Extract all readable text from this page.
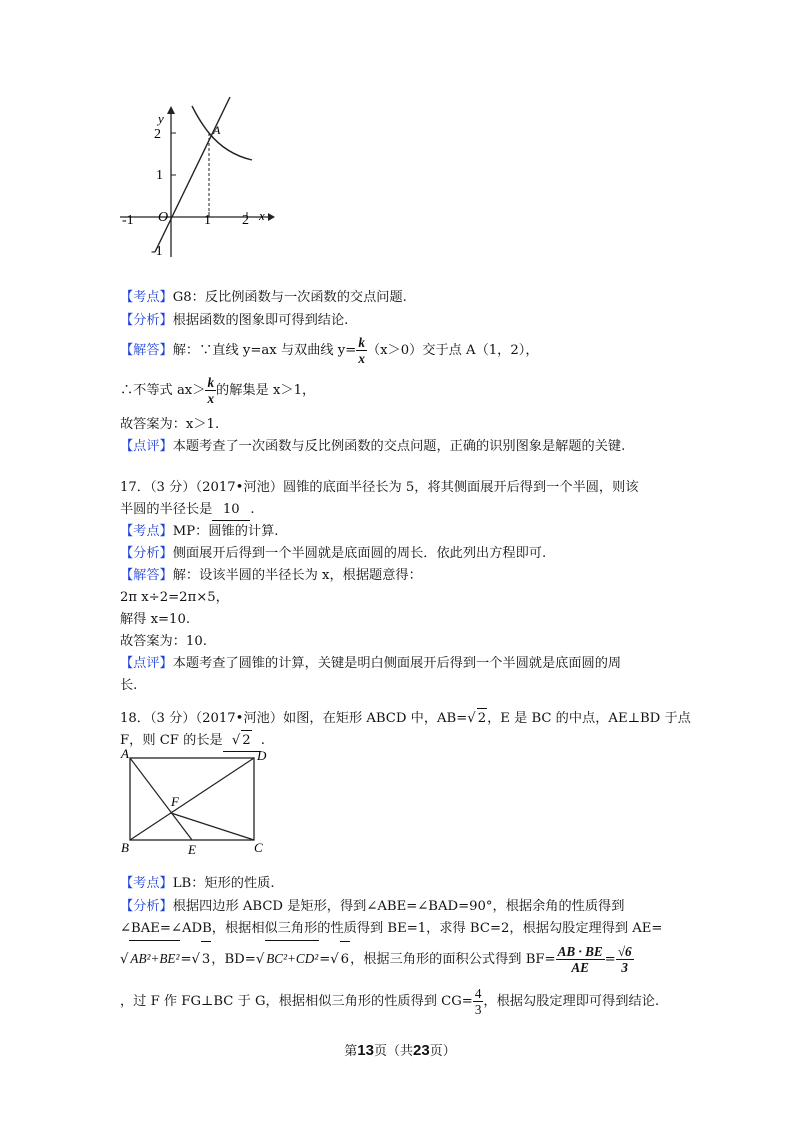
y
x
O
A
2
1
-1
-1	1 2
【考点】G8：反比例函数与一次函数的交点问题.
【分析】根据函数的图象即可得到结论.
【解答】解：∵直线 y=ax 与双曲线 $y= \frac{k}{x} (x>0)$交于点 A（1，2），
∴不等式 $ax> \frac{k}{x}$ 的解集是 x＞1，
故答案为：x＞1.
【点评】本题考查了一次函数与反比例函数的交点问题，正确的识别图象是解题的关键.
17．（3 分）（2017•河池）圆锥的底面半径长为 5，将其侧面展开后得到一个半圆，则该
半圆的半径长是 10 .
【考点】MP：圆锥的计算.
【分析】侧面展开后得到一个半圆就是底面圆的周长．依此列出方程即可.
【解答】解：设该半圆的半径长为 x，根据题意得：
2π x÷2=2π×5，
解得 x=10.
故答案为：10.
【点评】本题考查了圆锥的计算，关键是明白侧面展开后得到一个半圆就是底面圆的周
长.
18．（3 分）（2017•河池）如图，在矩形 ABCD 中，AB=√ 2，E 是 BC 的中点，AE⊥BD 于点
F，则 CF 的长是 √ 2 .
A	D
F
B	E	C
【考点】LB：矩形的性质.
【分析】根据四边形 ABCD 是矩形，得到∠ABE=∠BAD=90°，根据余角的性质得到
∠BAE=∠ADB，根据相似三角形的性质得到 BE=1，求得 BC=2，根据勾股定理得到 AE=
√ AB²+BE²=√ 3，BD=√ BC²+CD²=√ 6，根据三角形的面积公式得到 $BF= \frac{AB \cdot BE}{AE} = \frac{√6}{3}$
，过 F 作 FG⊥BC 于 G，根据相似三角形的性质得到 $CG= \frac{4}{3}$ ，根据勾股定理即可得到结论.
第13页（共23页）
